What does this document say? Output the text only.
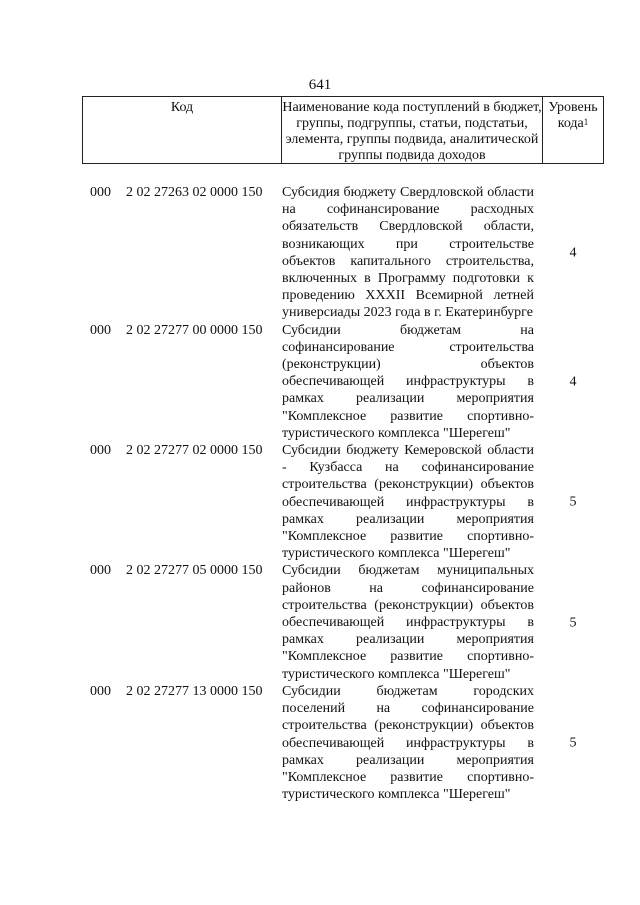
641
Код	Наименование кода поступлений в бюджет, группы, подгруппы, статьи, подстатьи, элемента, группы подвида, аналитической группы подвида доходов
Уровень кода$^1$
000 2 02 27263 02 0000 150 Субсидия бюджету Свердловской области на софинансирование расходных обязательств Свердловской области, возникающих при строительстве объектов капитального строительства, включенных в Программу подготовки к проведению XXXII Всемирной летней универсиады 2023 года в г. Екатеринбурге
4
000 2 02 27277 00 0000 150 Субсидии бюджетам на софинансирование строительства (реконструкции) объектов обеспечивающей инфраструктуры в рамках реализации мероприятия "Комплексное развитие спортивно-туристического комплекса "Шерегеш"
4
000 2 02 27277 02 0000 150 Субсидии бюджету Кемеровской области - Кузбасса на софинансирование строительства (реконструкции) объектов обеспечивающей инфраструктуры в рамках реализации мероприятия "Комплексное развитие спортивно-туристического комплекса "Шерегеш"
5
000 2 02 27277 05 0000 150 Субсидии бюджетам муниципальных районов на софинансирование строительства (реконструкции) объектов обеспечивающей инфраструктуры в рамках реализации мероприятия "Комплексное развитие спортивно-туристического комплекса "Шерегеш"
5
000 2 02 27277 13 0000 150 Субсидии бюджетам городских поселений на софинансирование строительства (реконструкции) объектов обеспечивающей инфраструктуры в рамках реализации мероприятия "Комплексное развитие спортивно-туристического комплекса "Шерегеш"
5
